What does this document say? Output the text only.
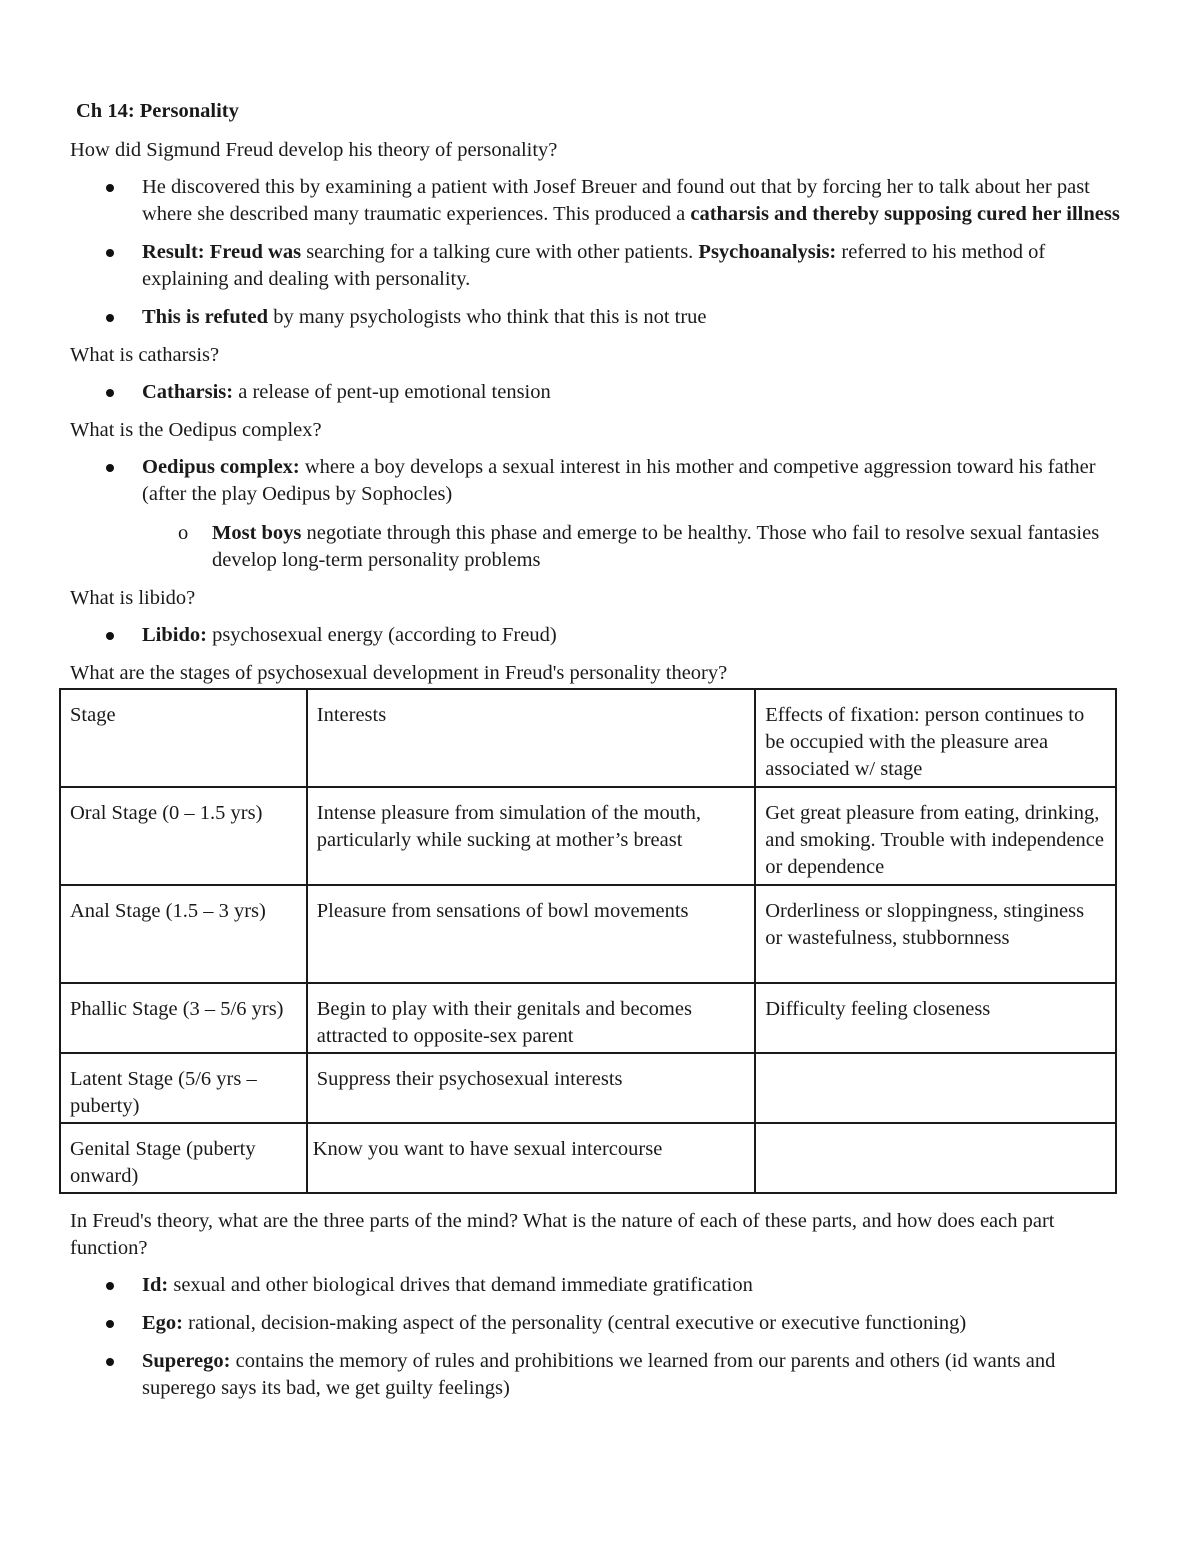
Ch 14: Personality

How did Sigmund Freud develop his theory of personality?

He discovered this by examining a patient with Josef Breuer and found out that by forcing her to talk about her past where she described many traumatic experiences. This produced a catharsis and thereby supposing cured her illness
Result: Freud was searching for a talking cure with other patients. Psychoanalysis: referred to his method of explaining and dealing with personality.
This is refuted by many psychologists who think that this is not true

What is catharsis?

Catharsis: a release of pent-up emotional tension

What is the Oedipus complex?

Oedipus complex: where a boy develops a sexual interest in his mother and competive aggression toward his father (after the play Oedipus by Sophocles)
o Most boys negotiate through this phase and emerge to be healthy. Those who fail to resolve sexual fantasies develop long-term personality problems

What is libido?

Libido: psychosexual energy (according to Freud)

What are the stages of psychosexual development in Freud's personality theory?

Stage	Interests	Effects of fixation: person continues to be occupied with the pleasure area associated w/ stage
Oral Stage (0 – 1.5 yrs)	Intense pleasure from simulation of the mouth, particularly while sucking at mother’s breast	Get great pleasure from eating, drinking, and smoking. Trouble with independence or dependence
Anal Stage (1.5 – 3 yrs)	Pleasure from sensations of bowl movements	Orderliness or sloppingness, stinginess or wastefulness, stubbornness
Phallic Stage (3 – 5/6 yrs)	Begin to play with their genitals and becomes attracted to opposite-sex parent	Difficulty feeling closeness
Latent Stage (5/6 yrs – puberty)	Suppress their psychosexual interests	
Genital Stage (puberty onward)	Know you want to have sexual intercourse	

In Freud's theory, what are the three parts of the mind? What is the nature of each of these parts, and how does each part function?

Id: sexual and other biological drives that demand immediate gratification
Ego: rational, decision-making aspect of the personality (central executive or executive functioning)
Superego: contains the memory of rules and prohibitions we learned from our parents and others (id wants and superego says its bad, we get guilty feelings)
